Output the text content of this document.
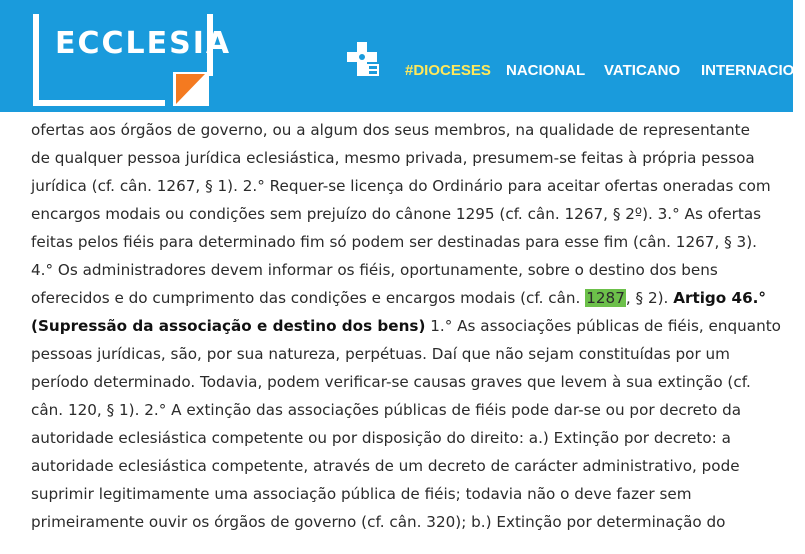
ECCLESIA
#DIOCESES NACIONAL VATICANO INTERNACION
ofertas aos órgãos de governo, ou a algum dos seus membros, na qualidade de representante
de qualquer pessoa jurídica eclesiástica, mesmo privada, presumem-se feitas à própria pessoa
jurídica (cf. cân. 1267, § 1). 2.° Requer-se licença do Ordinário para aceitar ofertas oneradas com
encargos modais ou condições sem prejuízo do cânone 1295 (cf. cân. 1267, § 2º). 3.° As ofertas
feitas pelos fiéis para determinado fim só podem ser destinadas para esse fim (cân. 1267, § 3).
4.° Os administradores devem informar os fiéis, oportunamente, sobre o destino dos bens
oferecidos e do cumprimento das condições e encargos modais (cf. cân. 1287, § 2). Artigo 46.°
(Supressão da associação e destino dos bens) 1.° As associações públicas de fiéis, enquanto
pessoas jurídicas, são, por sua natureza, perpétuas. Daí que não sejam constituídas por um
período determinado. Todavia, podem verificar-se causas graves que levem à sua extinção (cf.
cân. 120, § 1). 2.° A extinção das associações públicas de fiéis pode dar-se ou por decreto da
autoridade eclesiástica competente ou por disposição do direito: a.) Extinção por decreto: a
autoridade eclesiástica competente, através de um decreto de carácter administrativo, pode
suprimir legitimamente uma associação pública de fiéis; todavia não o deve fazer sem
primeiramente ouvir os órgãos de governo (cf. cân. 320); b.) Extinção por determinação do
